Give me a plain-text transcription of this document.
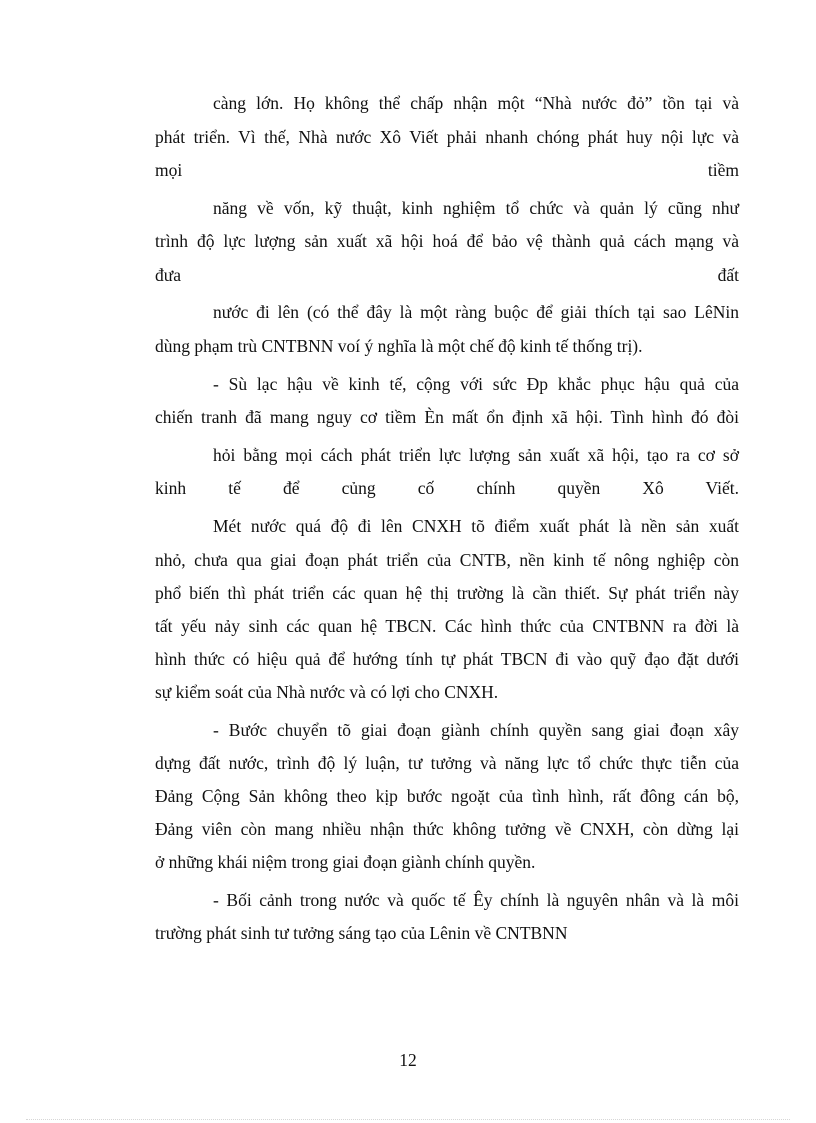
càng lớn. Họ không thể chấp nhận một “Nhà nước đỏ” tồn tại và
phát triển. Vì thế, Nhà nước Xô Viết phải nhanh chóng phát huy nội lực và
mọi tiềm
năng về vốn, kỹ thuật, kinh nghiệm tổ chức và quản lý cũng như
trình độ lực lượng sản xuất xã hội hoá để bảo vệ thành quả cách mạng và
đưa đất
nước đi lên (có thể đây là một ràng buộc để giải thích tại sao LêNin
dùng phạm trù CNTBNN voí ý nghĩa là một chế độ kinh tế thống trị).
- Sù lạc hậu về kinh tế, cộng với sức Ðp khắc phục hậu quả của
chiến tranh đã mang nguy cơ tiềm Èn mất ổn định xã hội. Tình hình đó đòi
hỏi bằng mọi cách phát triển lực lượng sản xuất xã hội, tạo ra cơ sở
kinh tế để củng cố chính quyền Xô Viết.
Mét nước quá độ đi lên CNXH tõ điểm xuất phát là nền sản xuất
nhỏ, chưa qua giai đoạn phát triển của CNTB, nền kinh tế nông nghiệp còn
phổ biến thì phát triển các quan hệ thị trường là cần thiết. Sự phát triển này
tất yếu nảy sinh các quan hệ TBCN. Các hình thức của CNTBNN ra đời là
hình thức có hiệu quả để hướng tính tự phát TBCN đi vào quỹ đạo đặt dưới
sự kiểm soát của Nhà nước và có lợi cho CNXH.
- Bước chuyển tõ giai đoạn giành chính quyền sang giai đoạn xây
dựng đất nước, trình độ lý luận, tư tưởng và năng lực tổ chức thực tiễn của
Đảng Cộng Sản không theo kịp bước ngoặt của tình hình, rất đông cán bộ,
Đảng viên còn mang nhiều nhận thức không tưởng về CNXH, còn dừng lại
ở những khái niệm trong giai đoạn giành chính quyền.
- Bối cảnh trong nước và quốc tế Êy chính là nguyên nhân và là môi
trường phát sinh tư tưởng sáng tạo của Lênin về CNTBNN
12
